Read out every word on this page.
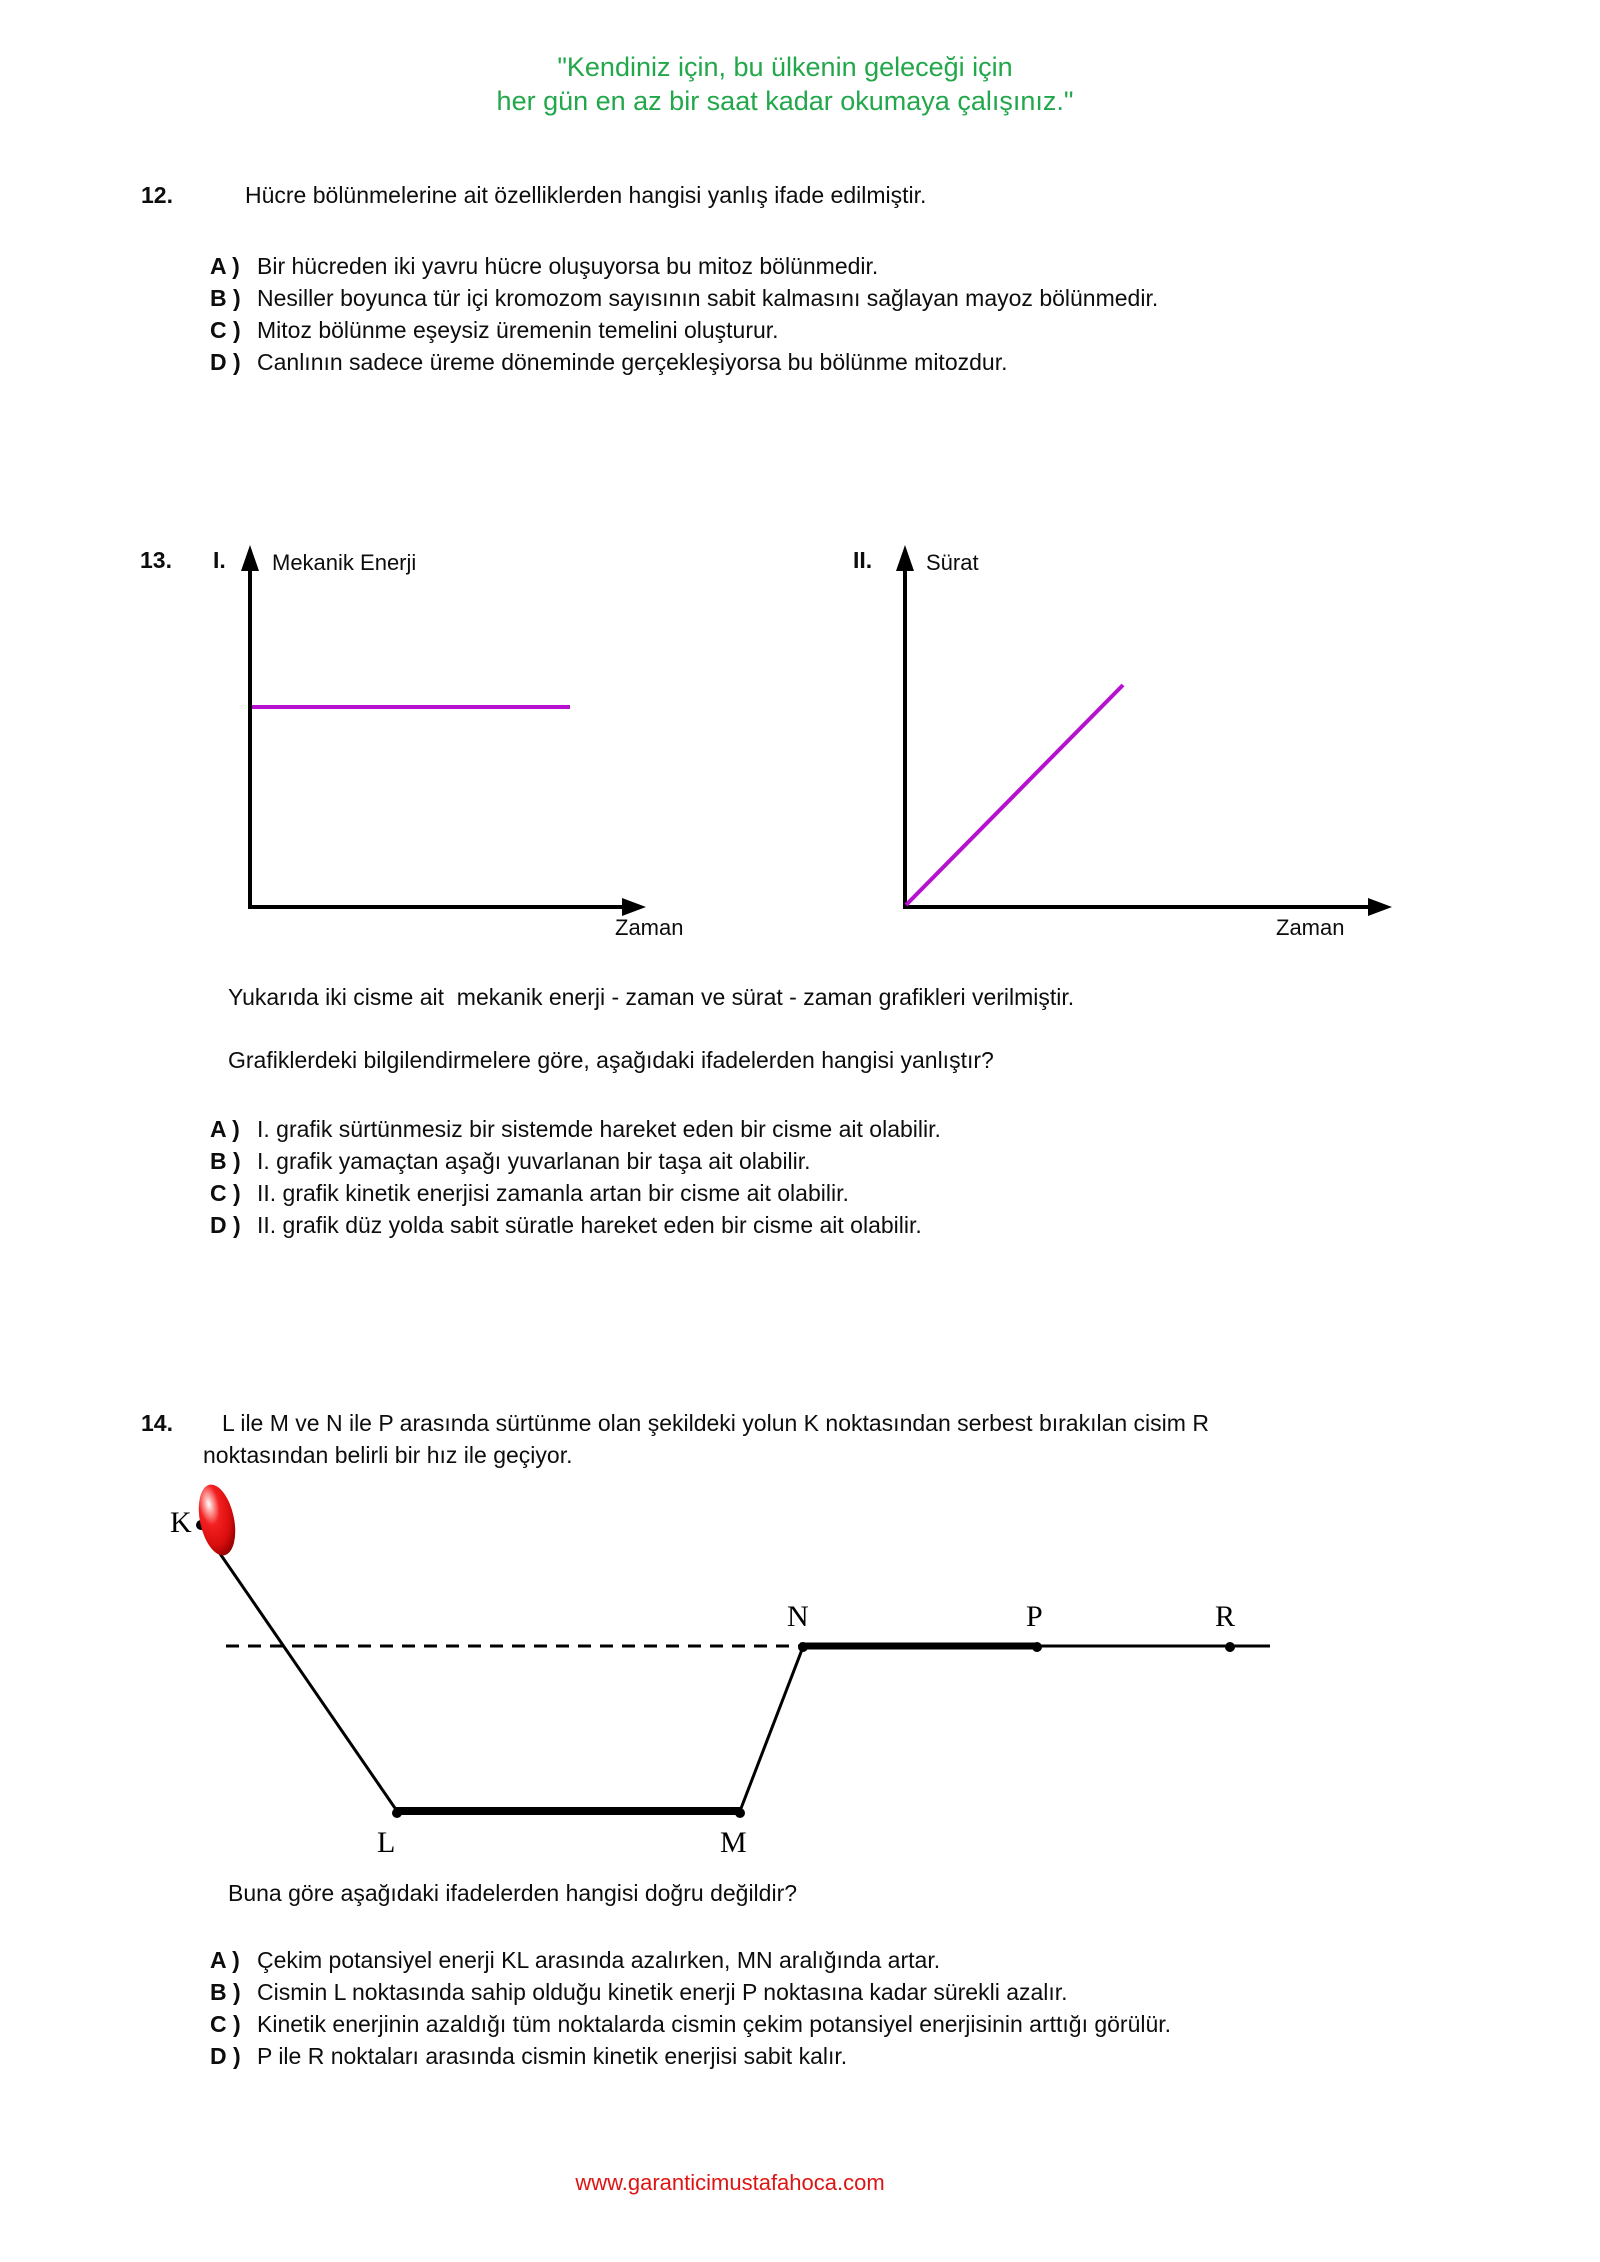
"Kendiniz için, bu ülkenin geleceği için
her gün en az bir saat kadar okumaya çalışınız."
12.	Hücre bölünmelerine ait özelliklerden hangisi yanlış ifade edilmiştir.
A ) Bir hücreden iki yavru hücre oluşuyorsa bu mitoz bölünmedir.
B ) Nesiller boyunca tür içi kromozom sayısının sabit kalmasını sağlayan mayoz bölünmedir.
C ) Mitoz bölünme eşeysiz üremenin temelini oluşturur.
D ) Canlının sadece üreme döneminde gerçekleşiyorsa bu bölünme mitozdur.
13. I. Mekanik Enerji
Zaman
II. Sürat
Zaman
Yukarıda iki cisme ait  mekanik enerji - zaman ve sürat - zaman grafikleri verilmiştir.
Grafiklerdeki bilgilendirmelere göre, aşağıdaki ifadelerden hangisi yanlıştır?
A ) I. grafik sürtünmesiz bir sistemde hareket eden bir cisme ait olabilir.
B ) I. grafik yamaçtan aşağı yuvarlanan bir taşa ait olabilir.
C ) II. grafik kinetik enerjisi zamanla artan bir cisme ait olabilir.
D ) II. grafik düz yolda sabit süratle hareket eden bir cisme ait olabilir.
14. L ile M ve N ile P arasında sürtünme olan şekildeki yolun K noktasından serbest bırakılan cisim R
noktasından belirli bir hız ile geçiyor.
K
L	M
N	P	R
Buna göre aşağıdaki ifadelerden hangisi doğru değildir?
A ) Çekim potansiyel enerji KL arasında azalırken, MN aralığında artar.
B ) Cismin L noktasında sahip olduğu kinetik enerji P noktasına kadar sürekli azalır.
C ) Kinetik enerjinin azaldığı tüm noktalarda cismin çekim potansiyel enerjisinin arttığı görülür.
D ) P ile R noktaları arasında cismin kinetik enerjisi sabit kalır.
www.garanticimustafahoca.com
